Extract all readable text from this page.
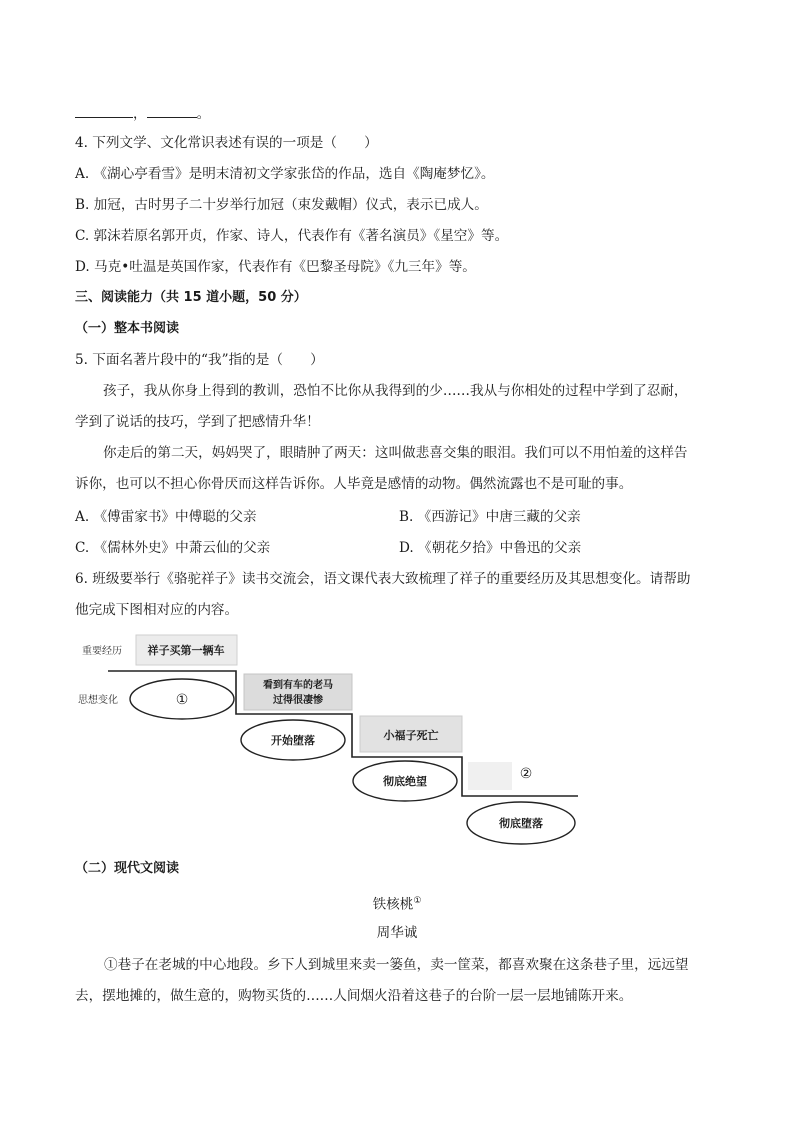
，	。
4. 下列文学、文化常识表述有误的一项是（　　）
A. 《湖心亭看雪》是明末清初文学家张岱的作品，选自《陶庵梦忆》。
B. 加冠，古时男子二十岁举行加冠（束发戴帽）仪式，表示已成人。
C. 郭沫若原名郭开贞，作家、诗人，代表作有《著名演员》《星空》等。
D. 马克•吐温是英国作家，代表作有《巴黎圣母院》《九三年》等。
三、阅读能力（共 15 道小题，50 分）
（一）整本书阅读
5. 下面名著片段中的“我”指的是（　　）
孩子，我从你身上得到的教训，恐怕不比你从我得到的少……我从与你相处的过程中学到了忍耐，
学到了说话的技巧，学到了把感情升华！
你走后的第二天，妈妈哭了，眼睛肿了两天：这叫做悲喜交集的眼泪。我们可以不用怕羞的这样告
诉你，也可以不担心你骨厌而这样告诉你。人毕竟是感情的动物。偶然流露也不是可耻的事。
A. 《傅雷家书》中傅聪的父亲	B. 《西游记》中唐三藏的父亲
C. 《儒林外史》中萧云仙的父亲	D. 《朝花夕拾》中鲁迅的父亲
6. 班级要举行《骆驼祥子》读书交流会，语文课代表大致梳理了祥子的重要经历及其思想变化。请帮助
他完成下图相对应的内容。
重要经历
思想变化
祥子买第一辆车
看到有车的老马
过得很凄惨
小福子死亡
②
①
开始堕落
彻底绝望
彻底堕落
（二）现代文阅读
铁核桃①
周华诚
①巷子在老城的中心地段。乡下人到城里来卖一篓鱼，卖一筐菜，都喜欢聚在这条巷子里，远远望
去，摆地摊的，做生意的，购物买货的……人间烟火沿着这巷子的台阶一层一层地铺陈开来。
